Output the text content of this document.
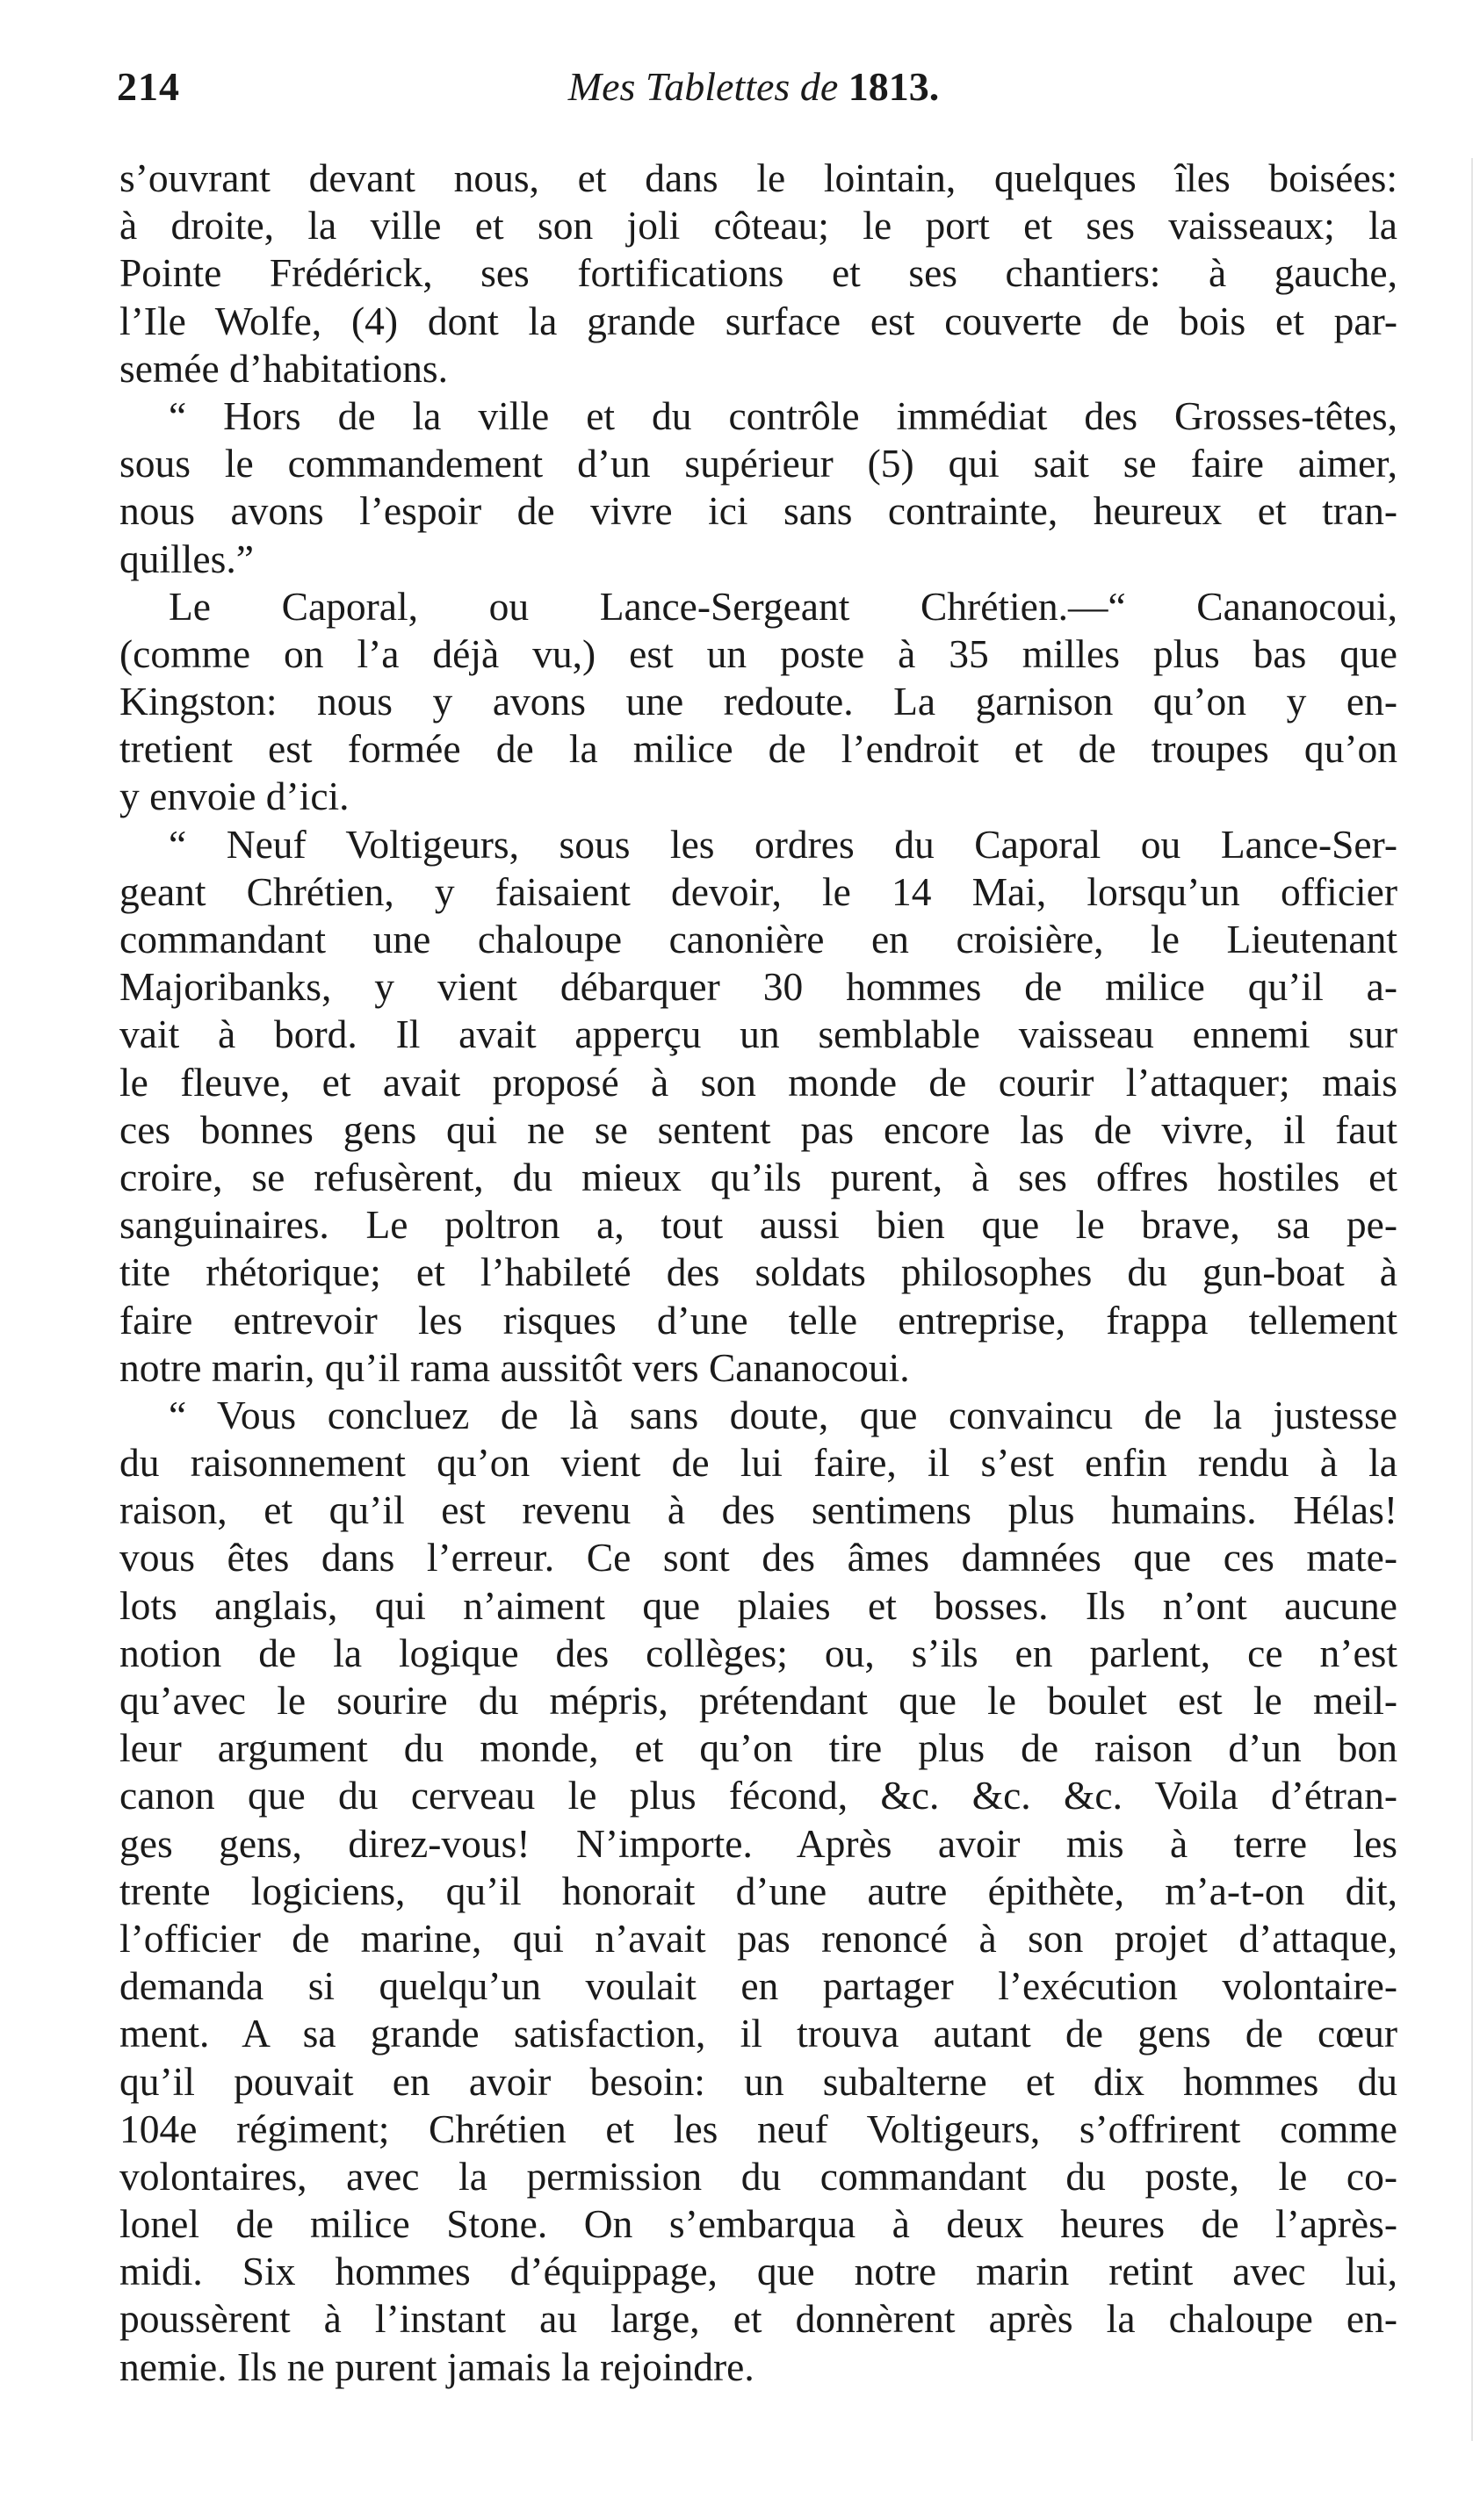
214	Mes Tablettes de 1813.
s’ouvrant devant nous, et dans le lointain, quelques îles boisées:
à droite, la ville et son joli côteau; le port et ses vaisseaux; la
Pointe Frédérick, ses fortifications et ses chantiers: à gauche,
l’Ile Wolfe, (4) dont la grande surface est couverte de bois et par-
semée d’habitations.
“ Hors de la ville et du contrôle immédiat des Grosses-têtes,
sous le commandement d’un supérieur (5) qui sait se faire aimer,
nous avons l’espoir de vivre ici sans contrainte, heureux et tran-
quilles.”
Le Caporal, ou Lance-Sergeant Chrétien.—“ Cananocoui,
(comme on l’a déjà vu,) est un poste à 35 milles plus bas que
Kingston: nous y avons une redoute. La garnison qu’on y en-
tretient est formée de la milice de l’endroit et de troupes qu’on
y envoie d’ici.
“ Neuf Voltigeurs, sous les ordres du Caporal ou Lance-Ser-
geant Chrétien, y faisaient devoir, le 14 Mai, lorsqu’un officier
commandant une chaloupe canonière en croisière, le Lieutenant
Majoribanks, y vient débarquer 30 hommes de milice qu’il a-
vait à bord. Il avait apperçu un semblable vaisseau ennemi sur
le fleuve, et avait proposé à son monde de courir l’attaquer; mais
ces bonnes gens qui ne se sentent pas encore las de vivre, il faut
croire, se refusèrent, du mieux qu’ils purent, à ses offres hostiles et
sanguinaires. Le poltron a, tout aussi bien que le brave, sa pe-
tite rhétorique; et l’habileté des soldats philosophes du gun-boat à
faire entrevoir les risques d’une telle entreprise, frappa tellement
notre marin, qu’il rama aussitôt vers Cananocoui.
“ Vous concluez de là sans doute, que convaincu de la justesse
du raisonnement qu’on vient de lui faire, il s’est enfin rendu à la
raison, et qu’il est revenu à des sentimens plus humains. Hélas!
vous êtes dans l’erreur. Ce sont des âmes damnées que ces mate-
lots anglais, qui n’aiment que plaies et bosses. Ils n’ont aucune
notion de la logique des collèges; ou, s’ils en parlent, ce n’est
qu’avec le sourire du mépris, prétendant que le boulet est le meil-
leur argument du monde, et qu’on tire plus de raison d’un bon
canon que du cerveau le plus fécond, &c. &c. &c. Voila d’étran-
ges gens, direz-vous! N’importe. Après avoir mis à terre les
trente logiciens, qu’il honorait d’une autre épithète, m’a-t-on dit,
l’officier de marine, qui n’avait pas renoncé à son projet d’attaque,
demanda si quelqu’un voulait en partager l’exécution volontaire-
ment. A sa grande satisfaction, il trouva autant de gens de cœur
qu’il pouvait en avoir besoin: un subalterne et dix hommes du
104e régiment; Chrétien et les neuf Voltigeurs, s’offrirent comme
volontaires, avec la permission du commandant du poste, le co-
lonel de milice Stone. On s’embarqua à deux heures de l’après-
midi. Six hommes d’équippage, que notre marin retint avec lui,
poussèrent à l’instant au large, et donnèrent après la chaloupe en-
nemie. Ils ne purent jamais la rejoindre.
